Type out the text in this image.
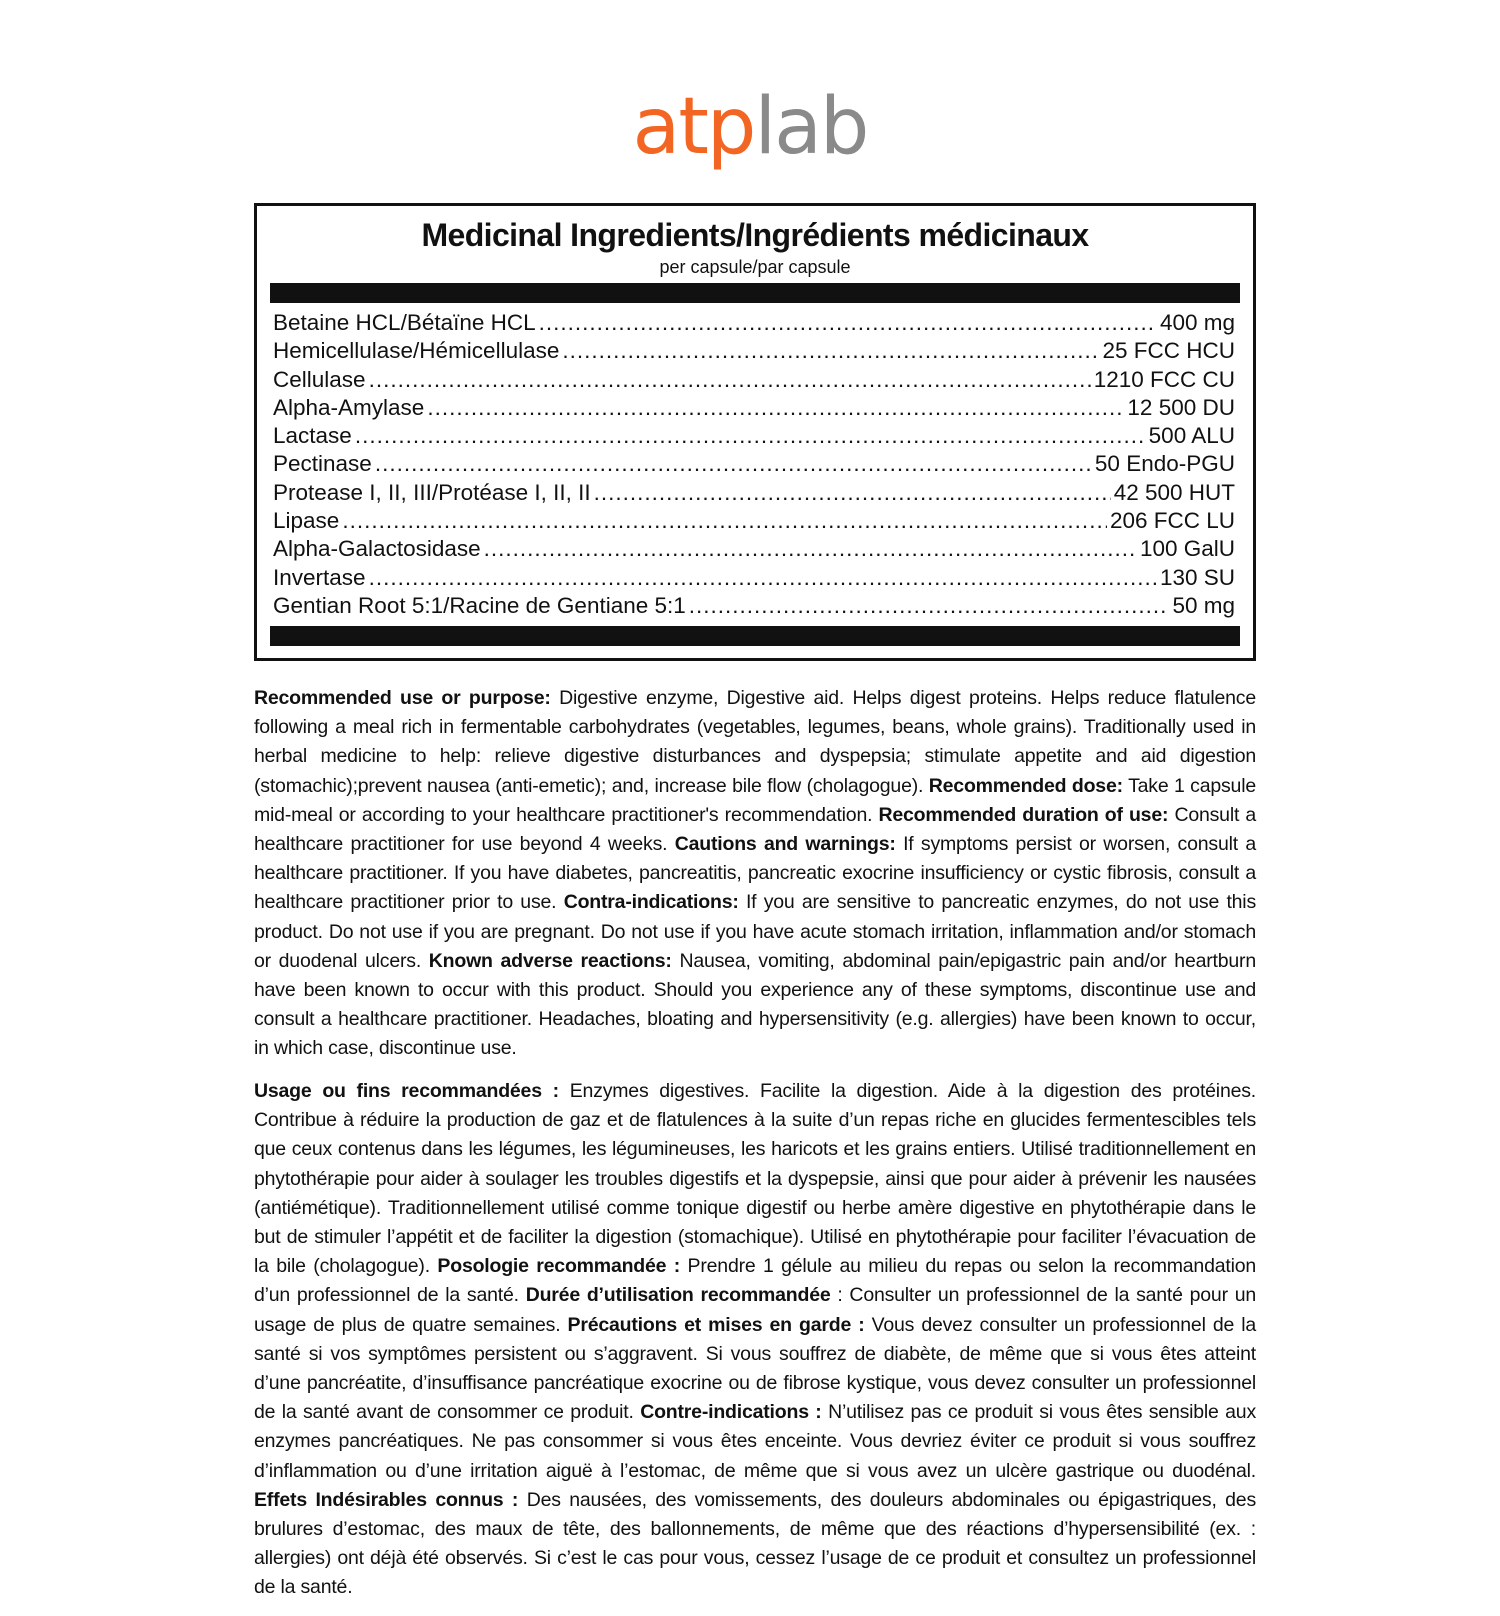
atplab
Medicinal Ingredients/Ingrédients médicinaux
per capsule/par capsule
Betaine HCL/Bétaïne HCL .....	400 mg
Hemicellulase/Hémicellulase .....	25 FCC HCU
Cellulase .....	1210 FCC CU
Alpha-Amylase .....	12 500 DU
Lactase .....	500 ALU
Pectinase .....	50 Endo-PGU
Protease I, II, III/Protéase I, II, II .....	42 500 HUT
Lipase .....	206 FCC LU
Alpha-Galactosidase .....	100 GalU
Invertase .....	130 SU
Gentian Root 5:1/Racine de Gentiane 5:1 .....	50 mg
Recommended use or purpose: Digestive enzyme, Digestive aid. Helps digest proteins. Helps reduce flatulence following a meal rich in fermentable carbohydrates (vegetables, legumes, beans, whole grains). Traditionally used in herbal medicine to help: relieve digestive disturbances and dyspepsia; stimulate appetite and aid digestion (stomachic);prevent nausea (anti-emetic); and, increase bile flow (cholagogue). Recommended dose: Take 1 capsule mid-meal or according to your healthcare practitioner's recommendation. Recommended duration of use: Consult a healthcare practitioner for use beyond 4 weeks. Cautions and warnings: If symptoms persist or worsen, consult a healthcare practitioner. If you have diabetes, pancreatitis, pancreatic exocrine insufficiency or cystic fibrosis, consult a healthcare practitioner prior to use. Contra-indications: If you are sensitive to pancreatic enzymes, do not use this product. Do not use if you are pregnant. Do not use if you have acute stomach irritation, inflammation and/or stomach or duodenal ulcers. Known adverse reactions: Nausea, vomiting, abdominal pain/epigastric pain and/or heartburn have been known to occur with this product. Should you experience any of these symptoms, discontinue use and consult a healthcare practitioner. Headaches, bloating and hypersensitivity (e.g. allergies) have been known to occur, in which case, discontinue use.
Usage ou fins recommandées : Enzymes digestives. Facilite la digestion. Aide à la digestion des protéines. Contribue à réduire la production de gaz et de flatulences à la suite d’un repas riche en glucides fermentescibles tels que ceux contenus dans les légumes, les légumineuses, les haricots et les grains entiers. Utilisé traditionnellement en phytothérapie pour aider à soulager les troubles digestifs et la dyspepsie, ainsi que pour aider à prévenir les nausées (antiémétique). Traditionnellement utilisé comme tonique digestif ou herbe amère digestive en phytothérapie dans le but de stimuler l’appétit et de faciliter la digestion (stomachique). Utilisé en phytothérapie pour faciliter l’évacuation de la bile (cholagogue). Posologie recommandée : Prendre 1 gélule au milieu du repas ou selon la recommandation d’un professionnel de la santé. Durée d’utilisation recommandée : Consulter un professionnel de la santé pour un usage de plus de quatre semaines. Précautions et mises en garde : Vous devez consulter un professionnel de la santé si vos symptômes persistent ou s’aggravent. Si vous souffrez de diabète, de même que si vous êtes atteint d’une pancréatite, d’insuffisance pancréatique exocrine ou de fibrose kystique, vous devez consulter un professionnel de la santé avant de consommer ce produit. Contre-indications : N’utilisez pas ce produit si vous êtes sensible aux enzymes pancréatiques. Ne pas consommer si vous êtes enceinte. Vous devriez éviter ce produit si vous souffrez d’inflammation ou d’une irritation aiguë à l’estomac, de même que si vous avez un ulcère gastrique ou duodénal. Effets Indésirables connus : Des nausées, des vomissements, des douleurs abdominales ou épigastriques, des brulures d’estomac, des maux de tête, des ballonnements, de même que des réactions d’hypersensibilité (ex. : allergies) ont déjà été observés. Si c’est le cas pour vous, cessez l’usage de ce produit et consultez un professionnel de la santé.
